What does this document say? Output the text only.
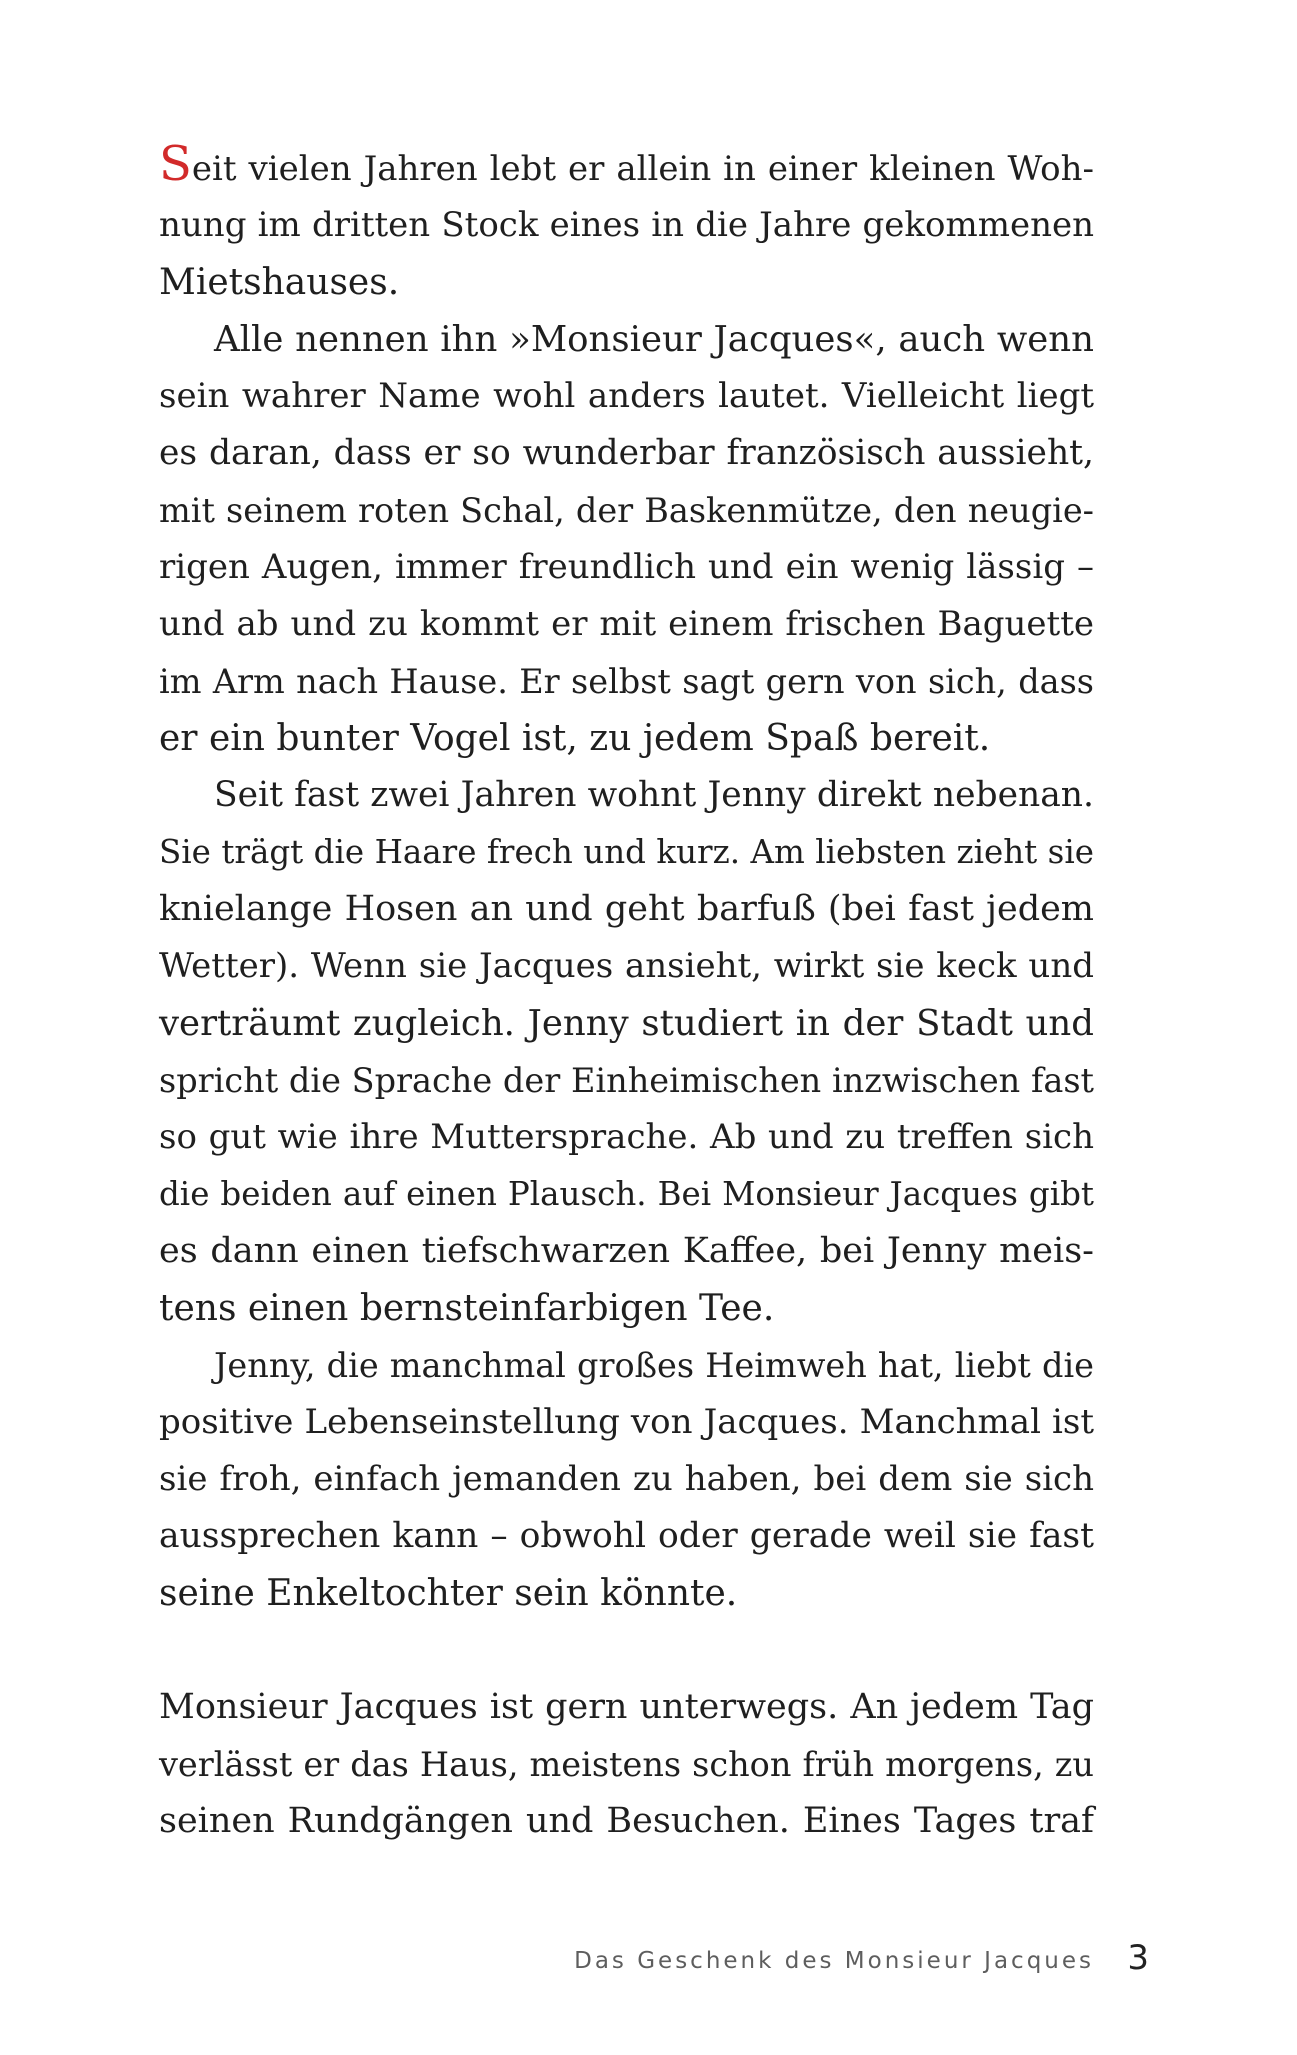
Seit vielen Jahren lebt er allein in einer kleinen Woh-
nung im dritten Stock eines in die Jahre gekommenen
Mietshauses.
Alle nennen ihn »Monsieur Jacques«, auch wenn
sein wahrer Name wohl anders lautet. Vielleicht liegt
es daran, dass er so wunderbar französisch aussieht,
mit seinem roten Schal, der Baskenmütze, den neugie-
rigen Augen, immer freundlich und ein wenig lässig –
und ab und zu kommt er mit einem frischen Baguette
im Arm nach Hause. Er selbst sagt gern von sich, dass
er ein bunter Vogel ist, zu jedem Spaß bereit.
Seit fast zwei Jahren wohnt Jenny direkt nebenan.
Sie trägt die Haare frech und kurz. Am liebsten zieht sie
knielange Hosen an und geht barfuß (bei fast jedem
Wetter). Wenn sie Jacques ansieht, wirkt sie keck und
verträumt zugleich. Jenny studiert in der Stadt und
spricht die Sprache der Einheimischen inzwischen fast
so gut wie ihre Muttersprache. Ab und zu treffen sich
die beiden auf einen Plausch. Bei Monsieur Jacques gibt
es dann einen tiefschwarzen Kaffee, bei Jenny meis-
tens einen bernsteinfarbigen Tee.
Jenny, die manchmal großes Heimweh hat, liebt die
positive Lebenseinstellung von Jacques. Manchmal ist
sie froh, einfach jemanden zu haben, bei dem sie sich
aussprechen kann – obwohl oder gerade weil sie fast
seine Enkeltochter sein könnte.
Monsieur Jacques ist gern unterwegs. An jedem Tag
verlässt er das Haus, meistens schon früh morgens, zu
seinen Rundgängen und Besuchen. Eines Tages traf
Das Geschenk des Monsieur Jacques 3
